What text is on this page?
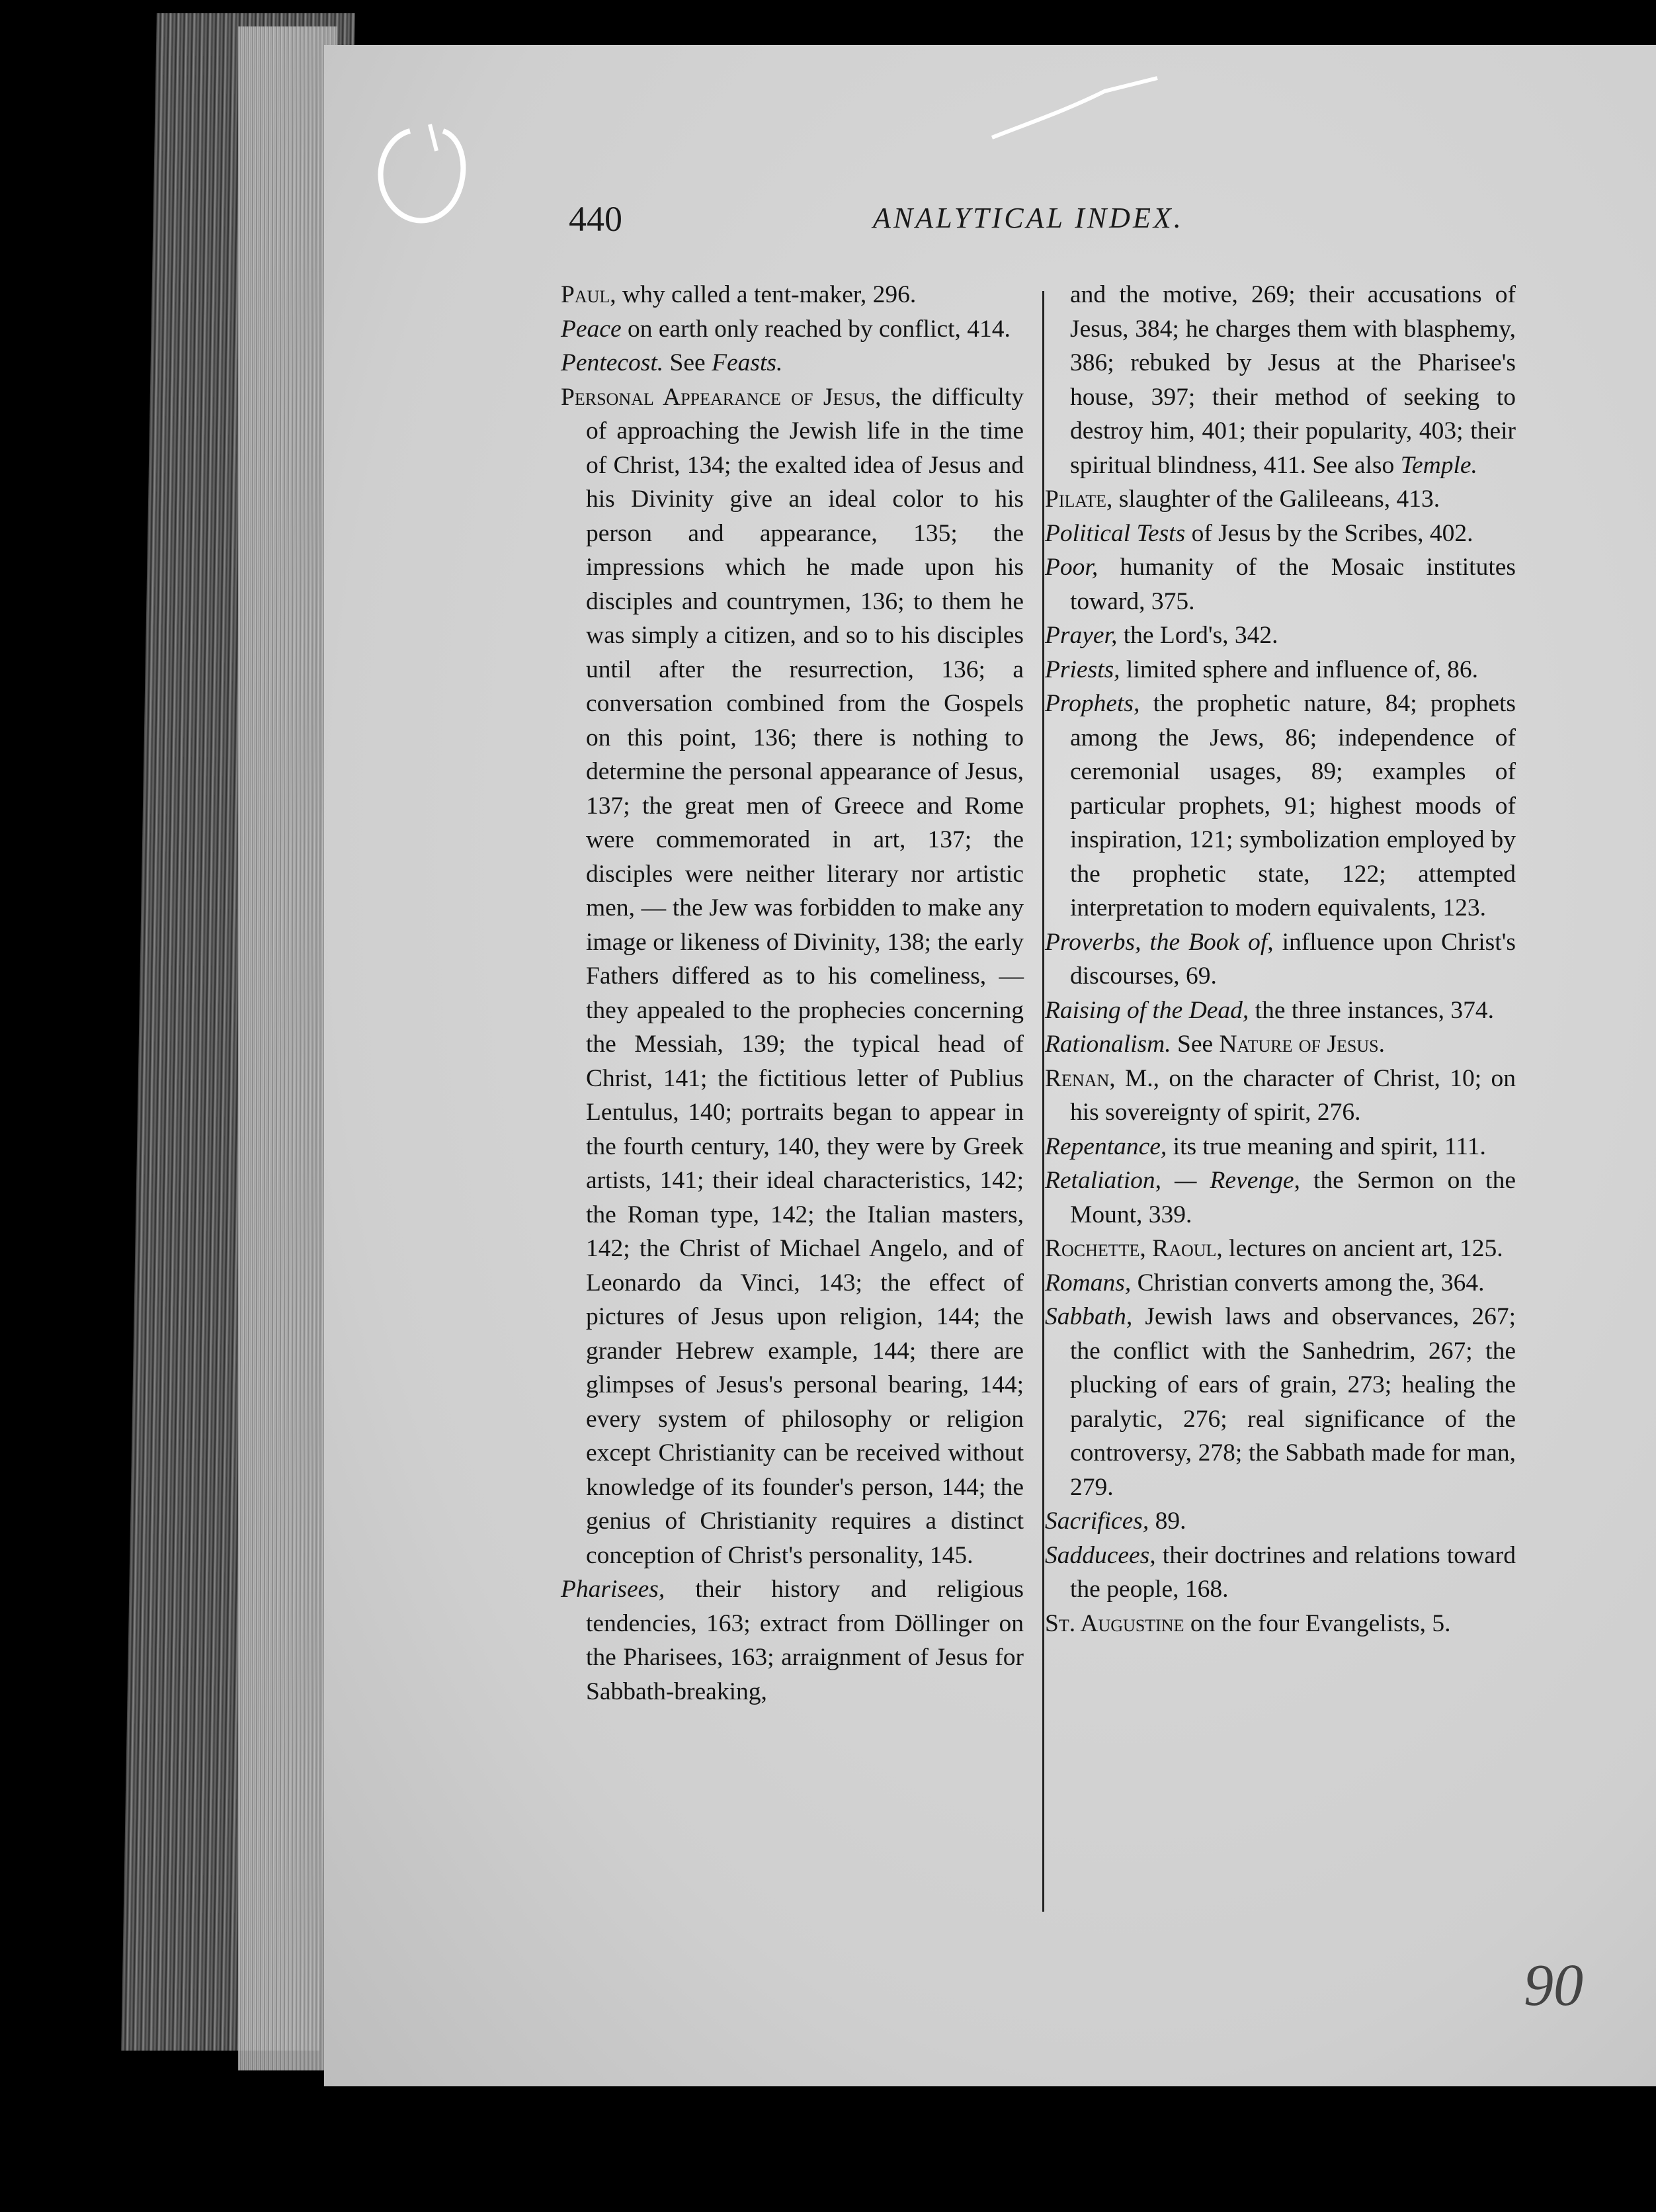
440	ANALYTICAL INDEX.

Paul, why called a tent-maker, 296.

Peace on earth only reached by conflict, 414.

Pentecost. See Feasts.

Personal Appearance of Jesus, the difficulty of approaching the Jewish life in the time of Christ, 134; the exalted idea of Jesus and his Divinity give an ideal color to his person and appearance, 135; the impressions which he made upon his disciples and countrymen, 136; to them he was simply a citizen, and so to his disciples until after the resurrection, 136; a conversation combined from the Gospels on this point, 136; there is nothing to determine the personal appearance of Jesus, 137; the great men of Greece and Rome were commemorated in art, 137; the disciples were neither literary nor artistic men, — the Jew was forbidden to make any image or likeness of Divinity, 138; the early Fathers differed as to his comeliness, — they appealed to the prophecies concerning the Messiah, 139; the typical head of Christ, 141; the fictitious letter of Publius Lentulus, 140; portraits began to appear in the fourth century, 140, they were by Greek artists, 141; their ideal characteristics, 142; the Roman type, 142; the Italian masters, 142; the Christ of Michael Angelo, and of Leonardo da Vinci, 143; the effect of pictures of Jesus upon religion, 144; the grander Hebrew example, 144; there are glimpses of Jesus's personal bearing, 144; every system of philosophy or religion except Christianity can be received without knowledge of its founder's person, 144; the genius of Christianity requires a distinct conception of Christ's personality, 145.

Pharisees, their history and religious tendencies, 163; extract from Döllinger on the Pharisees, 163; arraignment of Jesus for Sabbath-breaking,

and the motive, 269; their accusations of Jesus, 384; he charges them with blasphemy, 386; rebuked by Jesus at the Pharisee's house, 397; their method of seeking to destroy him, 401; their popularity, 403; their spiritual blindness, 411. See also Temple.

Pilate, slaughter of the Galileeans, 413.

Political Tests of Jesus by the Scribes, 402.

Poor, humanity of the Mosaic institutes toward, 375.

Prayer, the Lord's, 342.

Priests, limited sphere and influence of, 86.

Prophets, the prophetic nature, 84; prophets among the Jews, 86; independence of ceremonial usages, 89; examples of particular prophets, 91; highest moods of inspiration, 121; symbolization employed by the prophetic state, 122; attempted interpretation to modern equivalents, 123.

Proverbs, the Book of, influence upon Christ's discourses, 69.

Raising of the Dead, the three instances, 374.

Rationalism. See Nature of Jesus.

Renan, M., on the character of Christ, 10; on his sovereignty of spirit, 276.

Repentance, its true meaning and spirit, 111.

Retaliation, — Revenge, the Sermon on the Mount, 339.

Rochette, Raoul, lectures on ancient art, 125.

Romans, Christian converts among the, 364.

Sabbath, Jewish laws and observances, 267; the conflict with the Sanhedrim, 267; the plucking of ears of grain, 273; healing the paralytic, 276; real significance of the controversy, 278; the Sabbath made for man, 279.

Sacrifices, 89.

Sadducees, their doctrines and relations toward the people, 168.

St. Augustine on the four Evangelists, 5.

90
